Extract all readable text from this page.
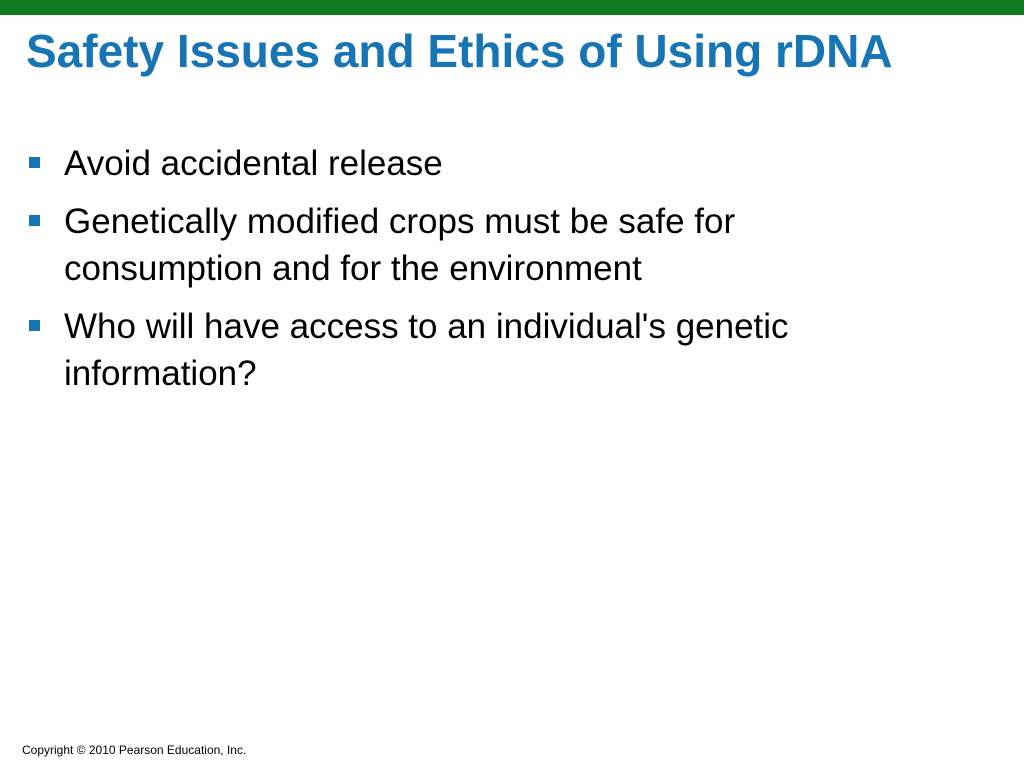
Safety Issues and Ethics of Using rDNA
Avoid accidental release
Genetically modified crops must be safe for consumption and for the environment
Who will have access to an individual's genetic information?
Copyright © 2010 Pearson Education, Inc.
